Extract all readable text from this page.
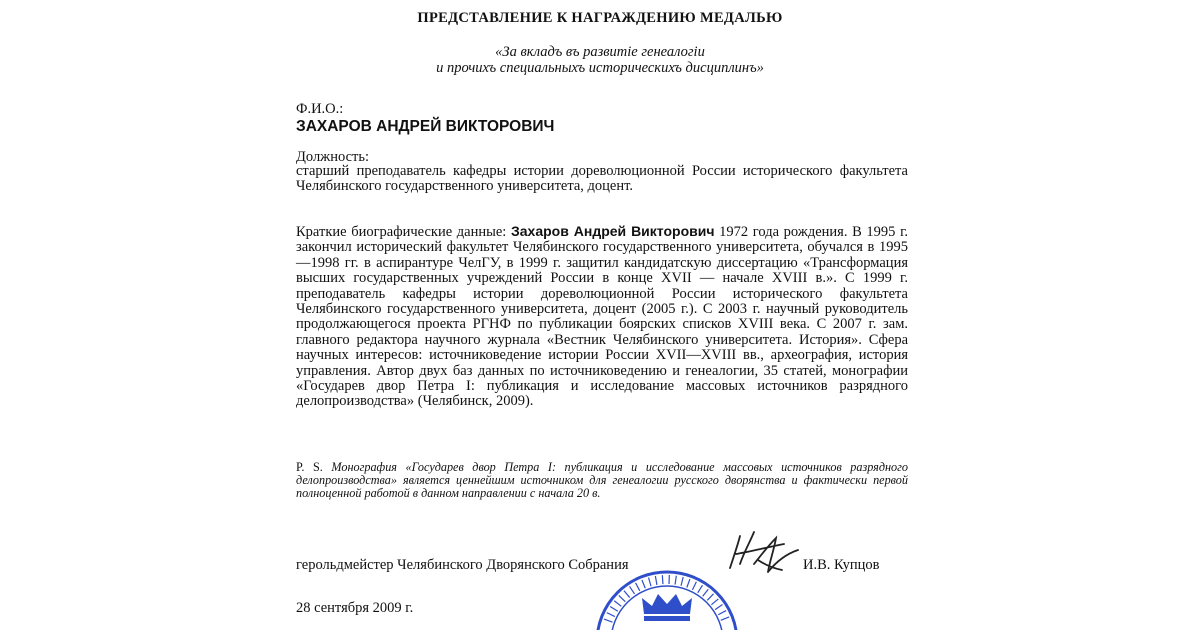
ПРЕДСТАВЛЕНИЕ К НАГРАЖДЕНИЮ МЕДАЛЬЮ
«За вкладъ въ развитіе генеалогіи
и прочихъ специальныхъ историческихъ дисциплинъ»
Ф.И.О.:
ЗАХАРОВ АНДРЕЙ ВИКТОРОВИЧ
Должность:
старший преподаватель кафедры истории дореволюционной России исторического факультета Челябинского государственного университета, доцент.
Краткие биографические данные: Захаров Андрей Викторович 1972 года рождения. В 1995 г. закончил исторический факультет Челябинского государственного университета, обучался в 1995—1998 гг. в аспирантуре ЧелГУ, в 1999 г. защитил кандидатскую диссертацию «Трансформация высших государственных учреждений России в конце XVII — начале XVIII в.». С 1999 г. преподаватель кафедры истории дореволюционной России исторического факультета Челябинского государственного университета, доцент (2005 г.). С 2003 г. научный руководитель продолжающегося проекта РГНФ по публикации боярских списков XVIII века. С 2007 г. зам. главного редактора научного журнала «Вестник Челябинского университета. История». Сфера научных интересов: источниковедение истории России XVII—XVIII вв., археография, история управления. Автор двух баз данных по источниковедению и генеалогии, 35 статей, монографии «Государев двор Петра I: публикация и исследование массовых источников разрядного делопроизводства» (Челябинск, 2009).
P. S. Монография «Государев двор Петра I: публикация и исследование массовых источников разрядного делопроизводства» является ценнейшим источником для генеалогии русского дворянства и фактически первой полноценной работой в данном направлении с начала 20 в.
герольдмейстер Челябинского Дворянского Собрания	И.В. Купцов
28 сентября 2009 г.
